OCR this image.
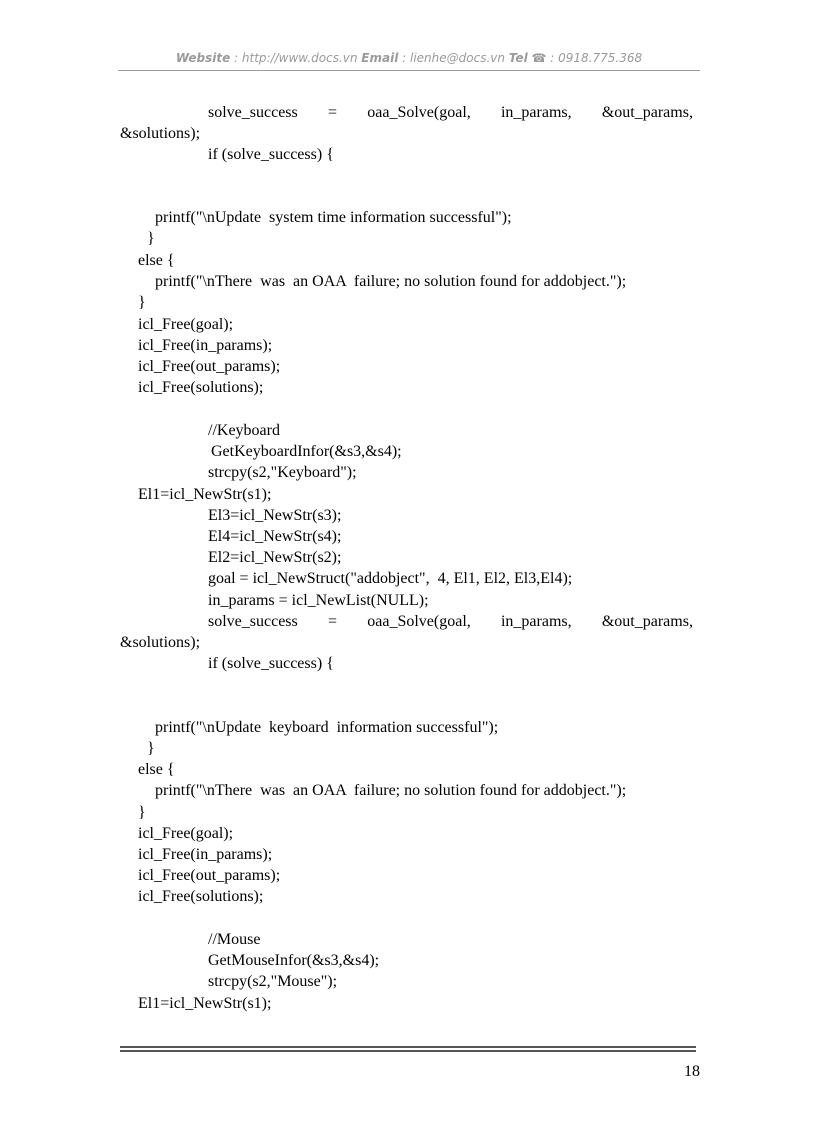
Website : http://www.docs.vn Email : lienhe@docs.vn Tel ☎ : 0918.775.368
solve_success = oaa_Solve(goal, in_params, &out_params,
&solutions);
if (solve_success) {
printf("\nUpdate  system time information successful");
}
else {
printf("\nThere  was  an OAA  failure; no solution found for addobject.");
}
icl_Free(goal);
icl_Free(in_params);
icl_Free(out_params);
icl_Free(solutions);
//Keyboard
GetKeyboardInfor(&s3,&s4);
strcpy(s2,"Keyboard");
El1=icl_NewStr(s1);
El3=icl_NewStr(s3);
El4=icl_NewStr(s4);
El2=icl_NewStr(s2);
goal = icl_NewStruct("addobject",  4, El1, El2, El3,El4);
in_params = icl_NewList(NULL);
solve_success = oaa_Solve(goal, in_params, &out_params,
&solutions);
if (solve_success) {
printf("\nUpdate  keyboard  information successful");
}
else {
printf("\nThere  was  an OAA  failure; no solution found for addobject.");
}
icl_Free(goal);
icl_Free(in_params);
icl_Free(out_params);
icl_Free(solutions);
//Mouse
GetMouseInfor(&s3,&s4);
strcpy(s2,"Mouse");
El1=icl_NewStr(s1);
18
